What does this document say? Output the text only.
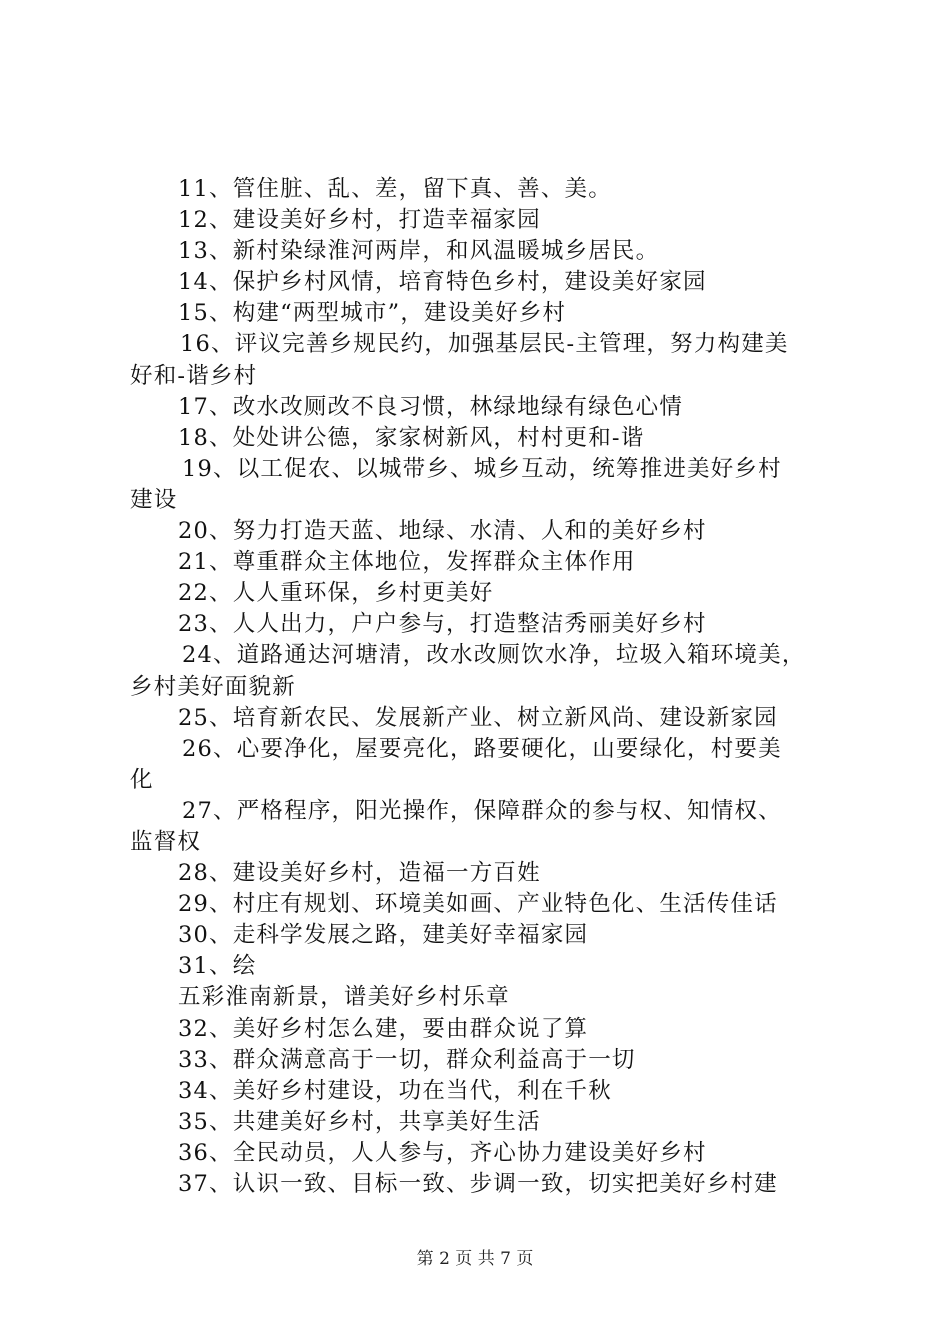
11、管住脏、乱、差，留下真、善、美。
12、建设美好乡村，打造幸福家园
13、新村染绿淮河两岸，和风温暖城乡居民。
14、保护乡村风情，培育特色乡村，建设美好家园
15、构建“两型城市”，建设美好乡村
16、评议完善乡规民约，加强基层民-主管理，努力构建美
好和-谐乡村
17、改水改厕改不良习惯，林绿地绿有绿色心情
18、处处讲公德，家家树新风，村村更和-谐
19、以工促农、以城带乡、城乡互动，统筹推进美好乡村
建设
20、努力打造天蓝、地绿、水清、人和的美好乡村
21、尊重群众主体地位，发挥群众主体作用
22、人人重环保，乡村更美好
23、人人出力，户户参与，打造整洁秀丽美好乡村
24、道路通达河塘清，改水改厕饮水净，垃圾入箱环境美，
乡村美好面貌新
25、培育新农民、发展新产业、树立新风尚、建设新家园
26、心要净化，屋要亮化，路要硬化，山要绿化，村要美
化
27、严格程序，阳光操作，保障群众的参与权、知情权、
监督权
28、建设美好乡村，造福一方百姓
29、村庄有规划、环境美如画、产业特色化、生活传佳话
30、走科学发展之路，建美好幸福家园
31、绘
五彩淮南新景，谱美好乡村乐章
32、美好乡村怎么建，要由群众说了算
33、群众满意高于一切，群众利益高于一切
34、美好乡村建设，功在当代，利在千秋
35、共建美好乡村，共享美好生活
36、全民动员，人人参与，齐心协力建设美好乡村
37、认识一致、目标一致、步调一致，切实把美好乡村建
第 2 页 共 7 页
